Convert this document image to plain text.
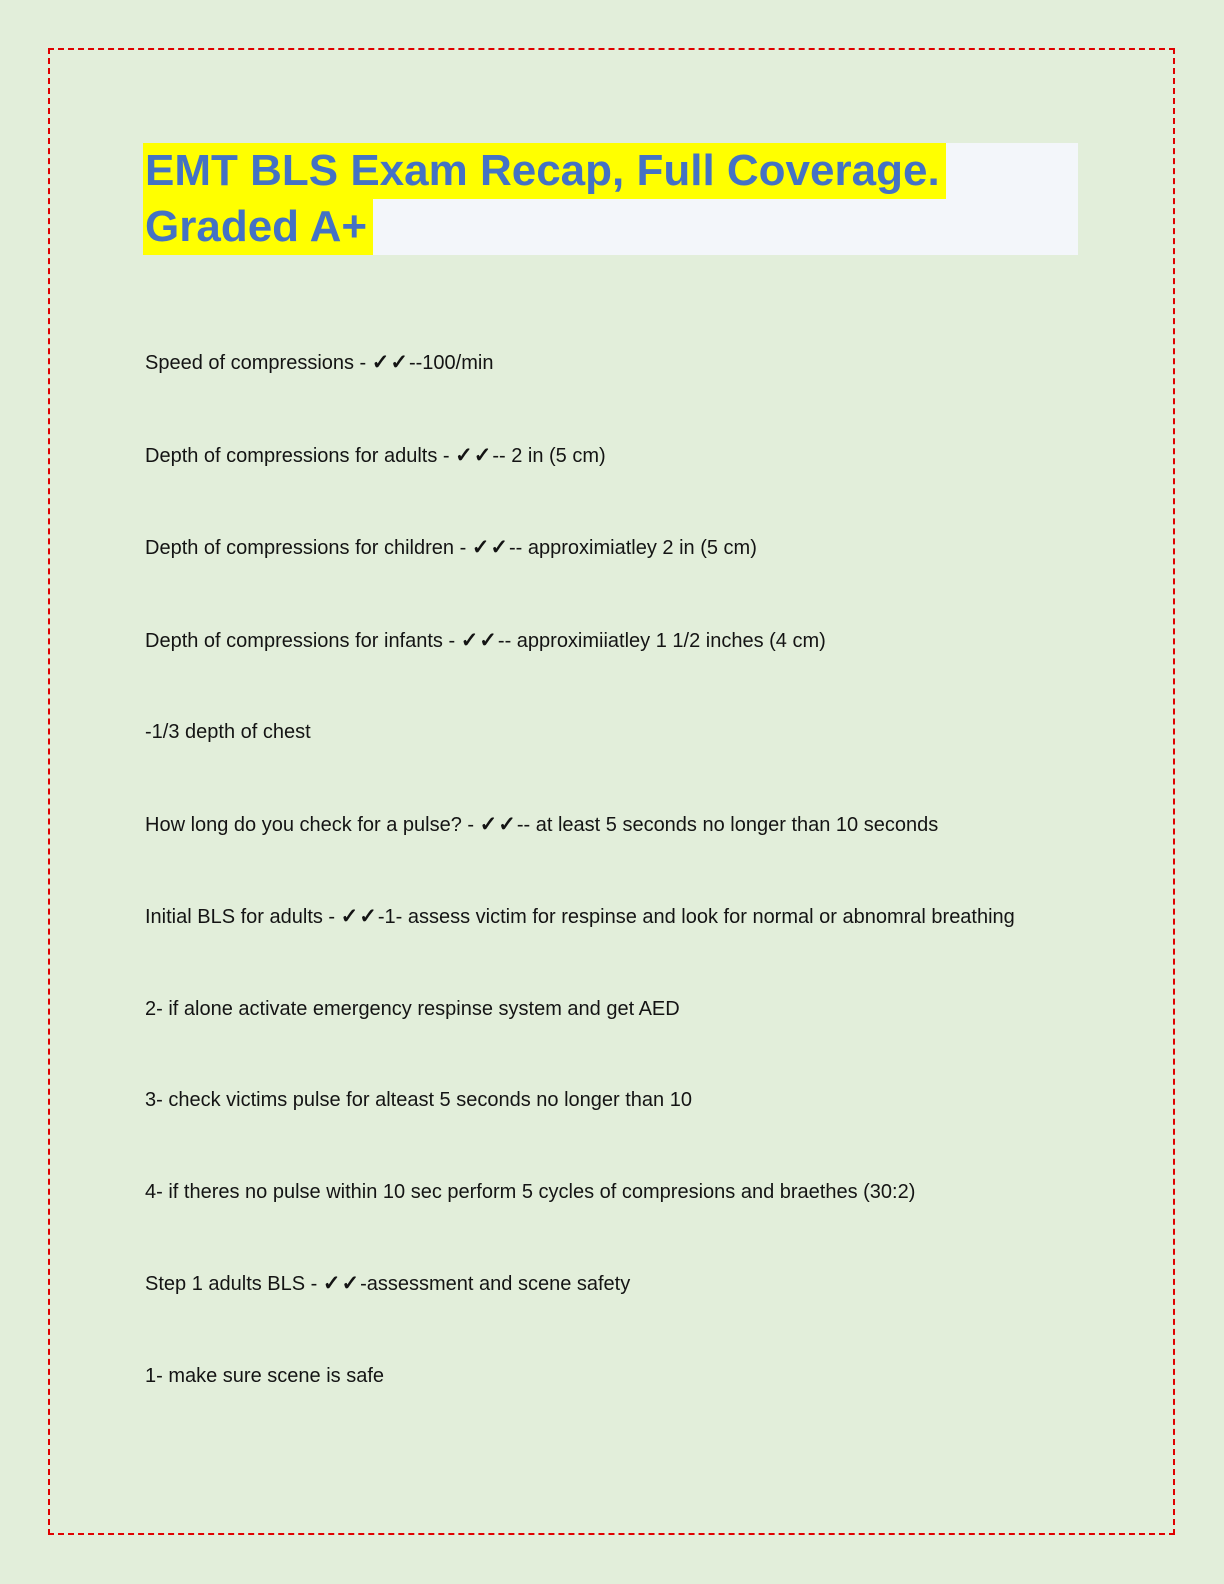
EMT BLS Exam Recap, Full Coverage.
Graded A+

Speed of compressions - ✓✓--100/min

Depth of compressions for adults - ✓✓-- 2 in (5 cm)

Depth of compressions for children - ✓✓-- approximiatley 2 in (5 cm)

Depth of compressions for infants - ✓✓-- approximiiatley 1 1/2 inches (4 cm)

-1/3 depth of chest

How long do you check for a pulse? - ✓✓-- at least 5 seconds no longer than 10 seconds

Initial BLS for adults - ✓✓-1- assess victim for respinse and look for normal or abnomral breathing

2- if alone activate emergency respinse system and get AED

3- check victims pulse for alteast 5 seconds no longer than 10

4- if theres no pulse within 10 sec perform 5 cycles of compresions and braethes (30:2)

Step 1 adults BLS - ✓✓-assessment and scene safety

1- make sure scene is safe
